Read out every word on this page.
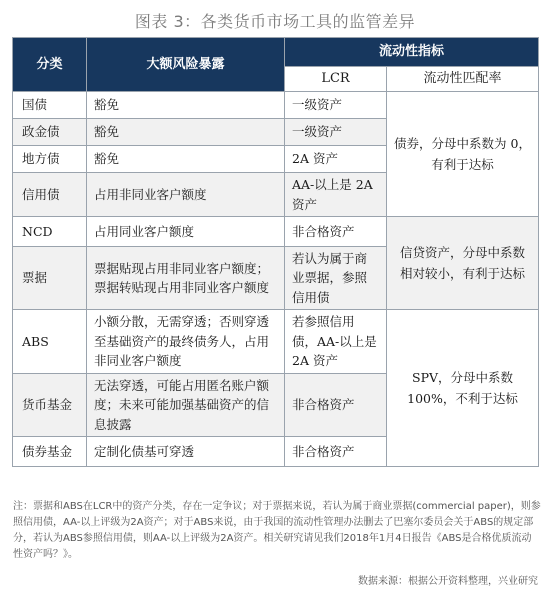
图表 3：各类货币市场工具的监管差异
分类	大额风险暴露	流动性指标	
		LCR	流动性匹配率
国债	豁免	一级资产	债券，分母中系数为 0，有利于达标
政金债	豁免	一级资产	
地方债	豁免	2A 资产	
信用债	占用非同业客户额度	AA-以上是 2A 资产	
NCD	占用同业客户额度	非合格资产	信贷资产，分母中系数相对较小，有利于达标
票据	票据贴现占用非同业客户额度；票据转贴现占用非同业客户额度	若认为属于商业票据，参照信用债	
ABS	小额分散，无需穿透；否则穿透至基础资产的最终债务人，占用非同业客户额度	若参照信用债，AA-以上是 2A 资产	SPV，分母中系数 100%，不利于达标
货币基金	无法穿透，可能占用匿名账户额度；未来可能加强基础资产的信息披露	非合格资产	
债券基金	定制化债基可穿透	非合格资产	

注：票据和ABS在LCR中的资产分类，存在一定争议；对于票据来说，若认为属于商业票据(commercial paper)，则参照信用债，AA-以上评级为2A资产；对于ABS来说，由于我国的流动性管理办法删去了巴塞尔委员会关于ABS的规定部分，若认为ABS参照信用债，则AA-以上评级为2A资产。相关研究请见我们2018年1月4日报告《ABS是合格优质流动性资产吗？》。

数据来源：根据公开资料整理，兴业研究
